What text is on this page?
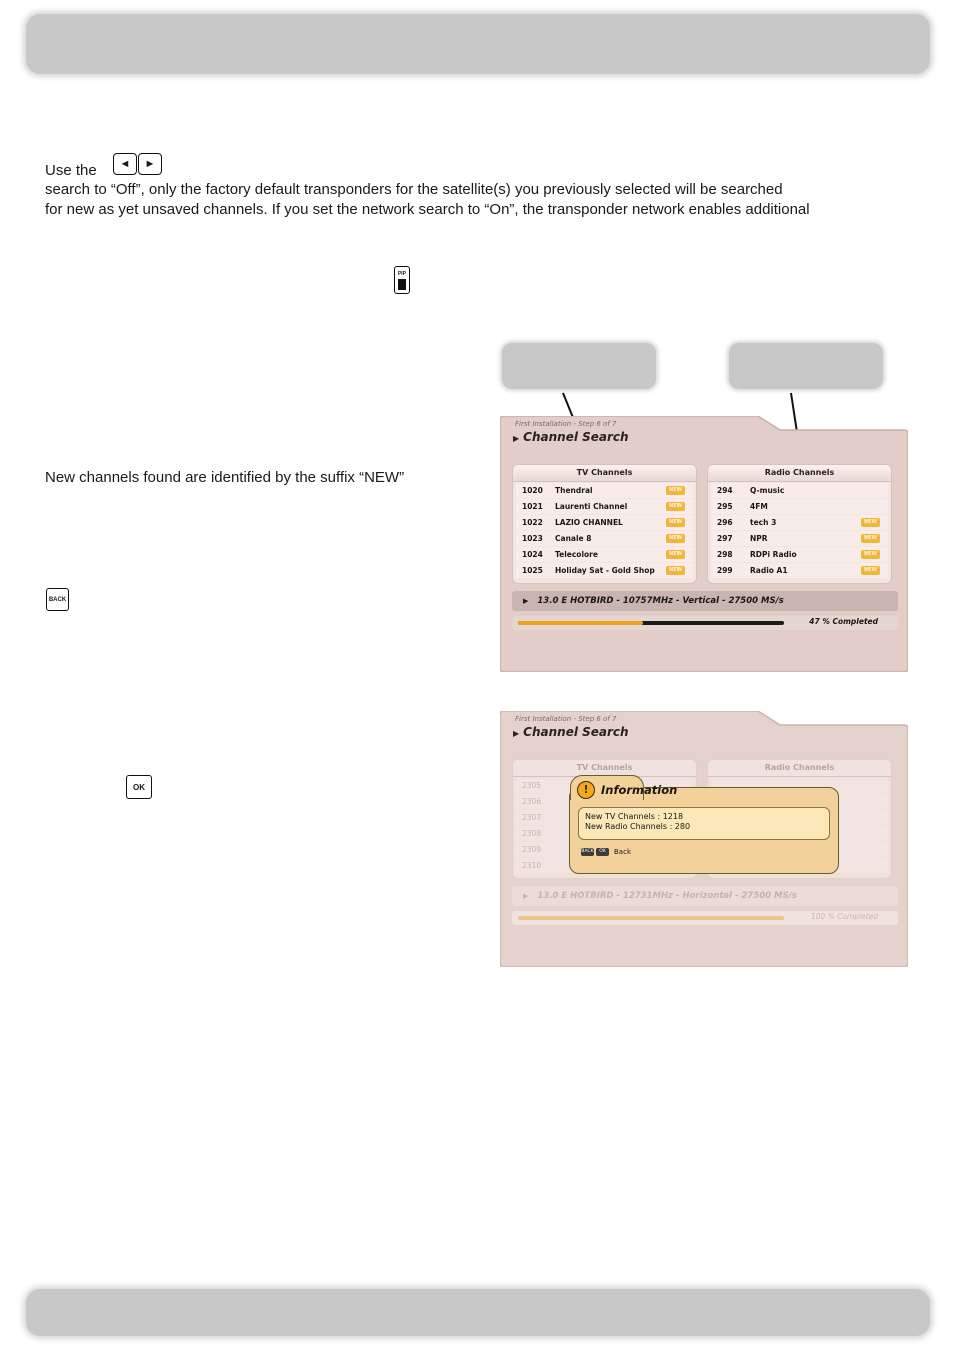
Use the	◄	►

search to “Off”, only the factory default transponders for the satellite(s) you previously selected will be searched

for new as yet unsaved channels. If you set the network search to “On”, the transponder network enables additional

PIP
New channels found are identified by the suffix “NEW”
BACK
OK
First Installation - Step 6 of 7
▶ Channel Search
TV Channels
1020 Thendral	NEW
1021 Laurenti Channel	NEW
1022 LAZIO CHANNEL	NEW
1023 Canale 8	NEW
1024 Telecolore	NEW
1025 Holiday Sat - Gold Shop	NEW
Radio Channels
294 Q-music
295 4FM
296 tech 3	NEW
297 NPR	NEW
298 RDPi Radio	NEW
299 Radio A1	NEW
▶ 13.0 E HOTBIRD - 10757MHz - Vertical - 27500 MS/s
47 % Completed
First Installation - Step 6 of 7
▶ Channel Search
TV Channels
2305
2306
2307
2308
2309
2310
Radio Channels
▶ 13.0 E HOTBIRD - 12731MHz - Horizontal - 27500 MS/s
100 % Completed
!	Information
New TV Channels : 1218
New Radio Channels : 280
BACK	OK	Back
